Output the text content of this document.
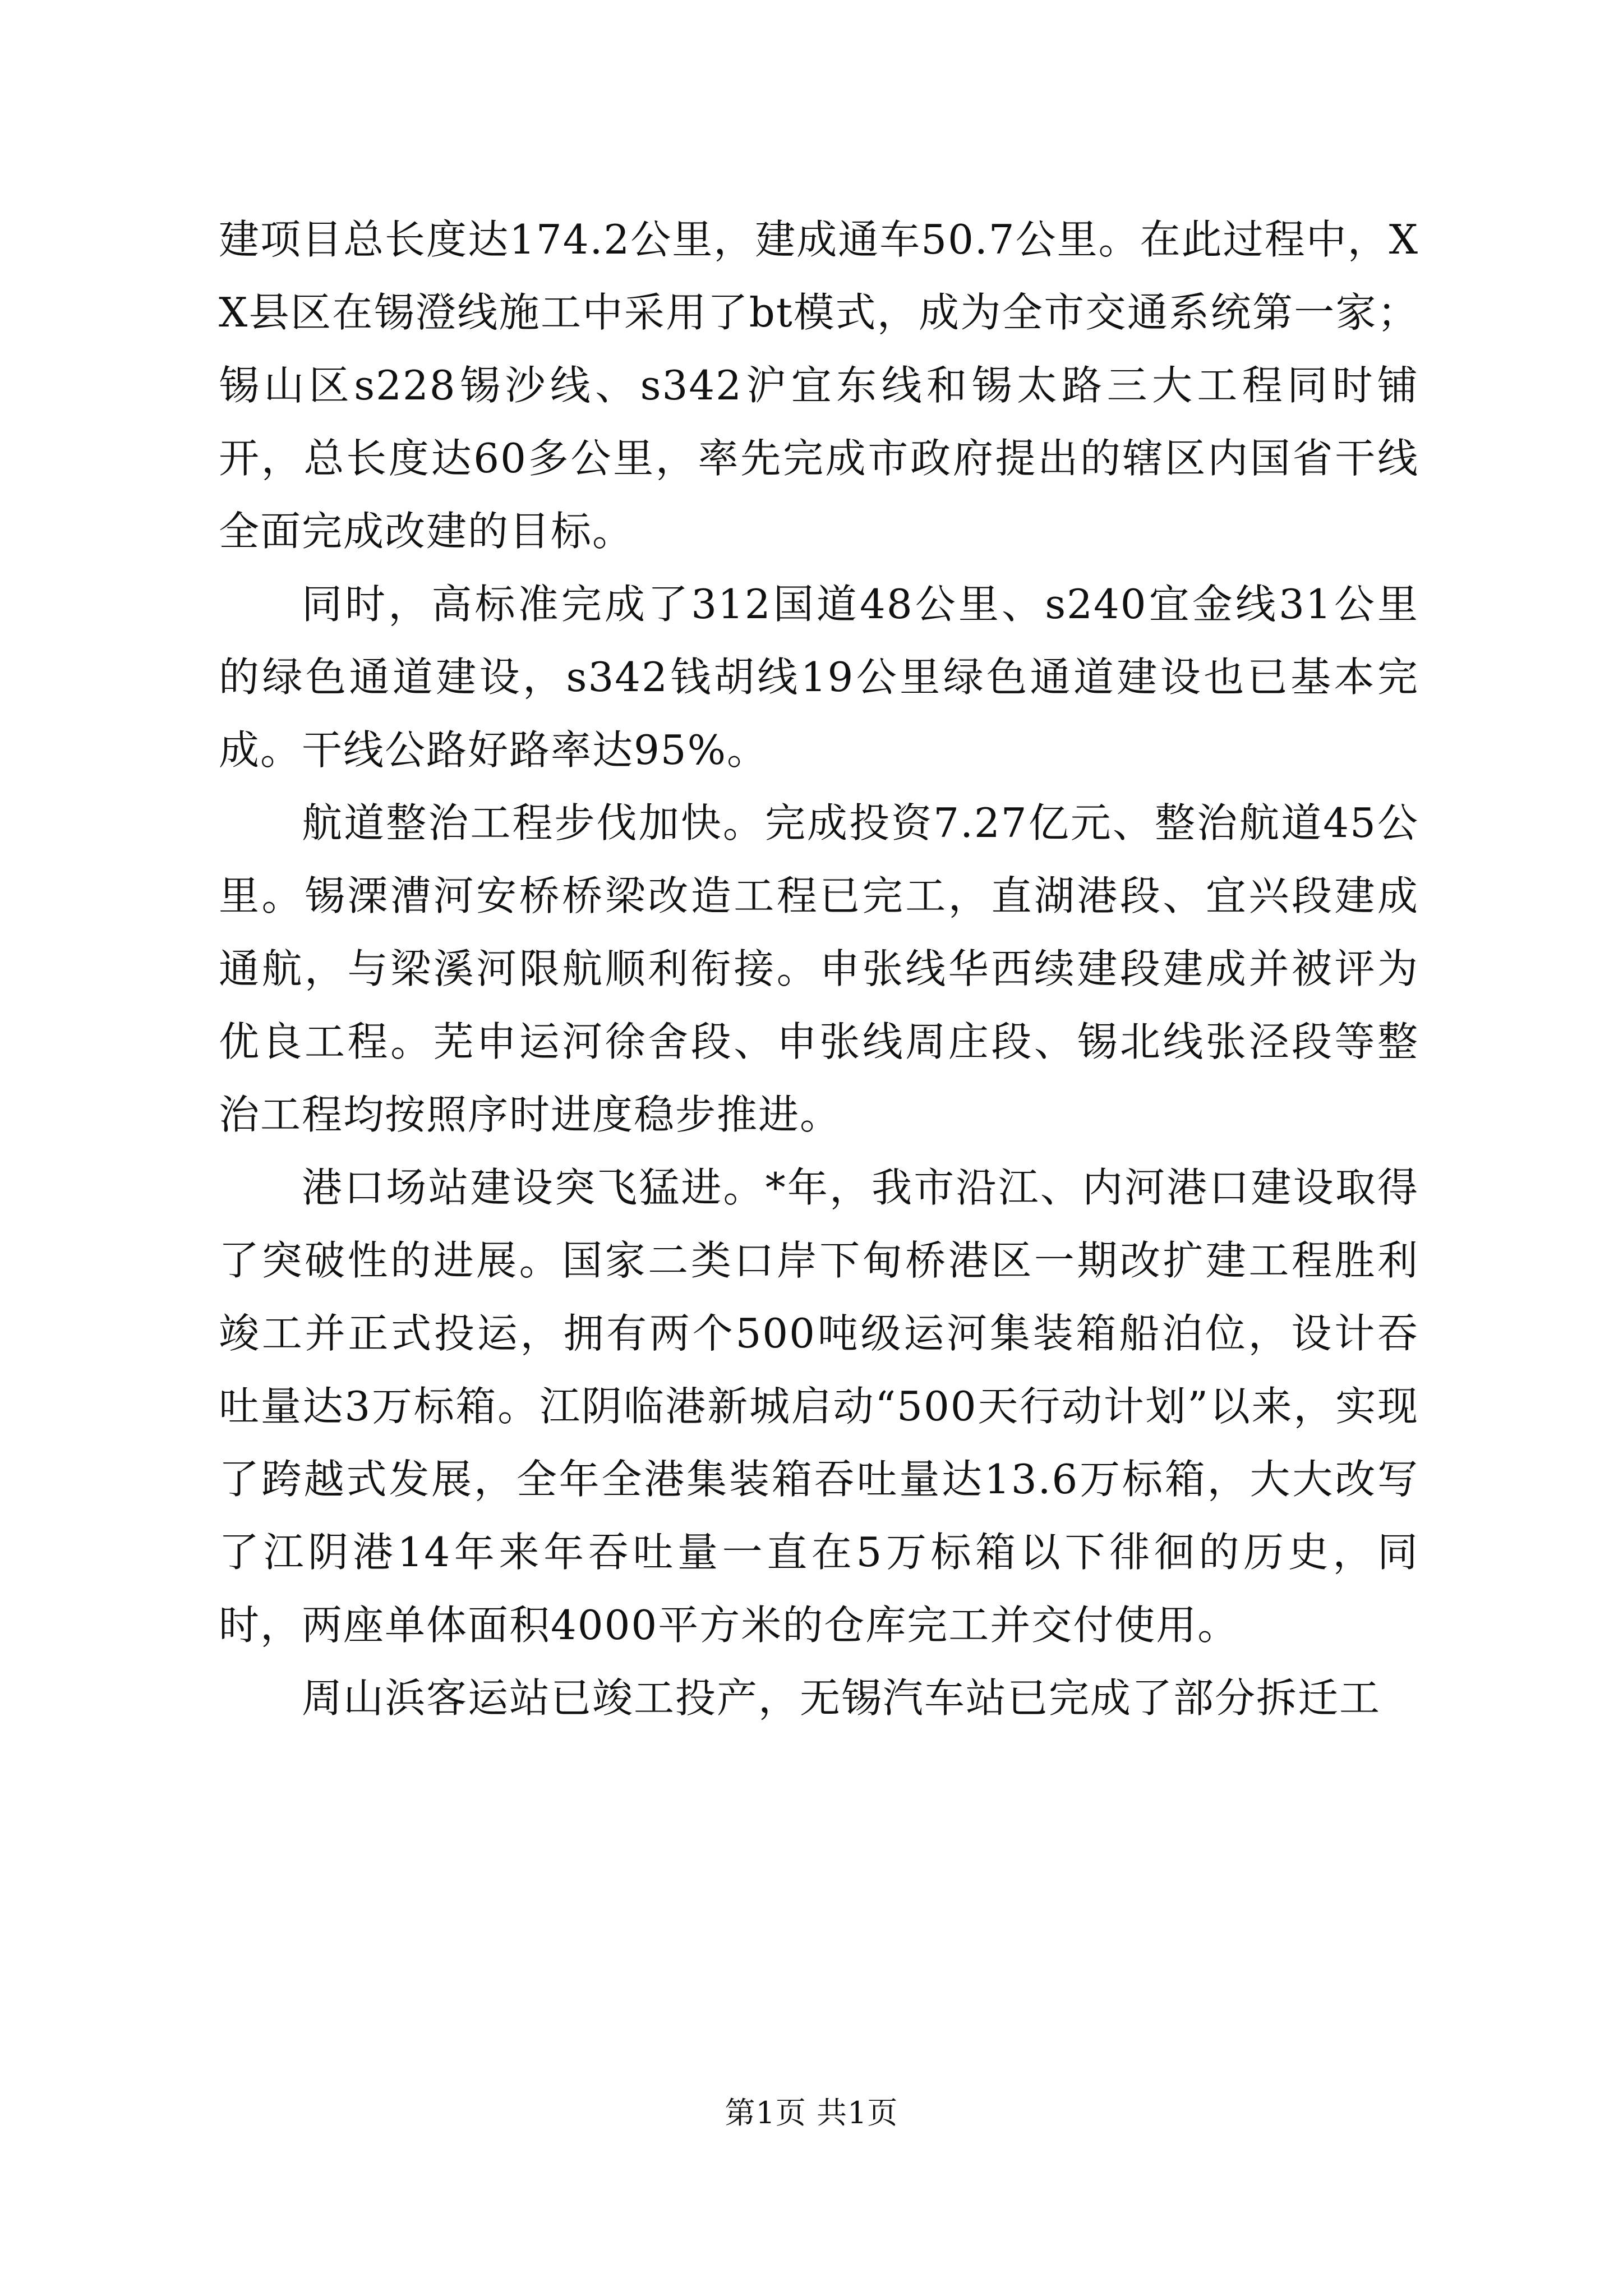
建项目总长度达174.2公里，建成通车50.7公里。在此过程中，XX县区在锡澄线施工中采用了bt模式，成为全市交通系统第一家；锡山区s228锡沙线、s342沪宜东线和锡太路三大工程同时铺开，总长度达60多公里，率先完成市政府提出的辖区内国省干线全面完成改建的目标。

同时，高标准完成了312国道48公里、s240宜金线31公里的绿色通道建设，s342钱胡线19公里绿色通道建设也已基本完成。干线公路好路率达95%。

航道整治工程步伐加快。完成投资7.27亿元、整治航道45公里。锡溧漕河安桥桥梁改造工程已完工，直湖港段、宜兴段建成通航，与梁溪河限航顺利衔接。申张线华西续建段建成并被评为优良工程。芜申运河徐舍段、申张线周庄段、锡北线张泾段等整治工程均按照序时进度稳步推进。

港口场站建设突飞猛进。*年，我市沿江、内河港口建设取得了突破性的进展。国家二类口岸下甸桥港区一期改扩建工程胜利竣工并正式投运，拥有两个500吨级运河集装箱船泊位，设计吞吐量达3万标箱。江阴临港新城启动“500天行动计划”以来，实现了跨越式发展，全年全港集装箱吞吐量达13.6万标箱，大大改写了江阴港14年来年吞吐量一直在5万标箱以下徘徊的历史，同时，两座单体面积4000平方米的仓库完工并交付使用。

周山浜客运站已竣工投产，无锡汽车站已完成了部分拆迁工

第1页 共1页
